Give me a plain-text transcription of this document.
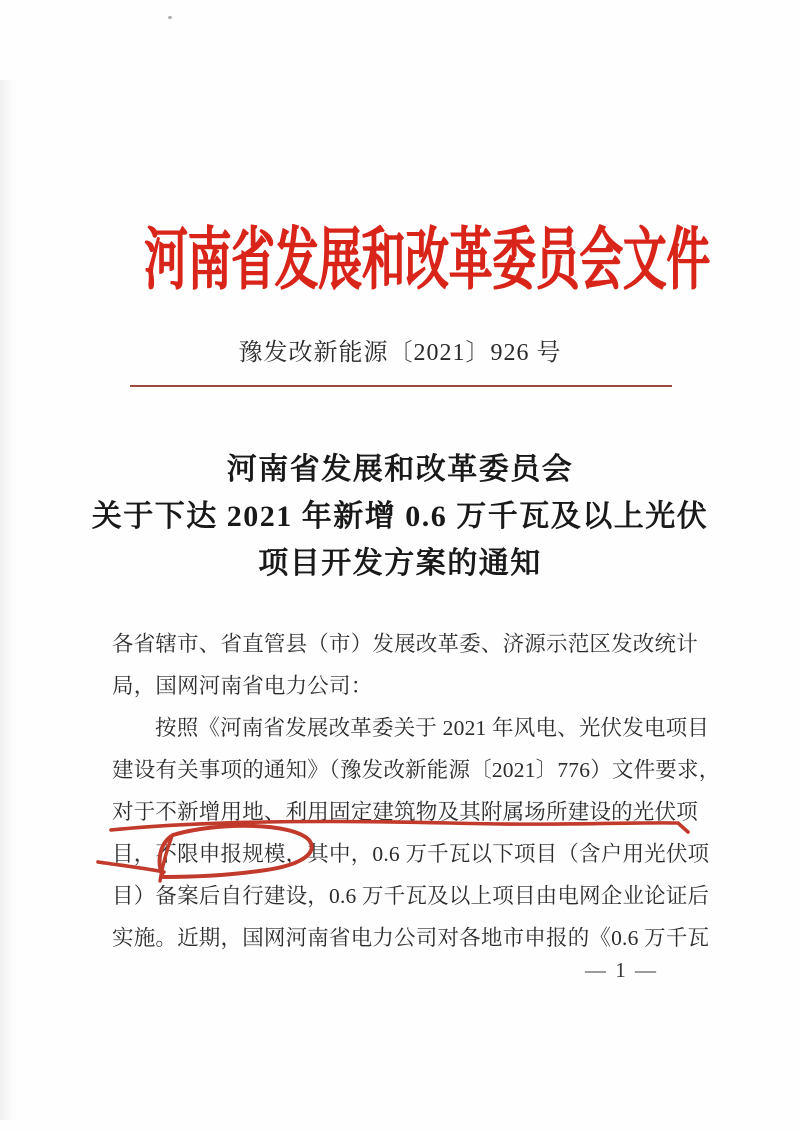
河南省发展和改革委员会文件
豫发改新能源〔2021〕926 号
河南省发展和改革委员会
关于下达 2021 年新增 0.6 万千瓦及以上光伏
项目开发方案的通知
各省辖市、省直管县（市）发展改革委、济源示范区发改统计
局，国网河南省电力公司：
按照《河南省发展改革委关于 2021 年风电、光伏发电项目
建设有关事项的通知》（豫发改新能源〔2021〕776）文件要求，
对于不新增用地、利用固定建筑物及其附属场所建设的光伏项
目，不限申报规模，其中，0.6 万千瓦以下项目（含户用光伏项
目）备案后自行建设，0.6 万千瓦及以上项目由电网企业论证后
实施。近期，国网河南省电力公司对各地市申报的《0.6 万千瓦
— 1 —
